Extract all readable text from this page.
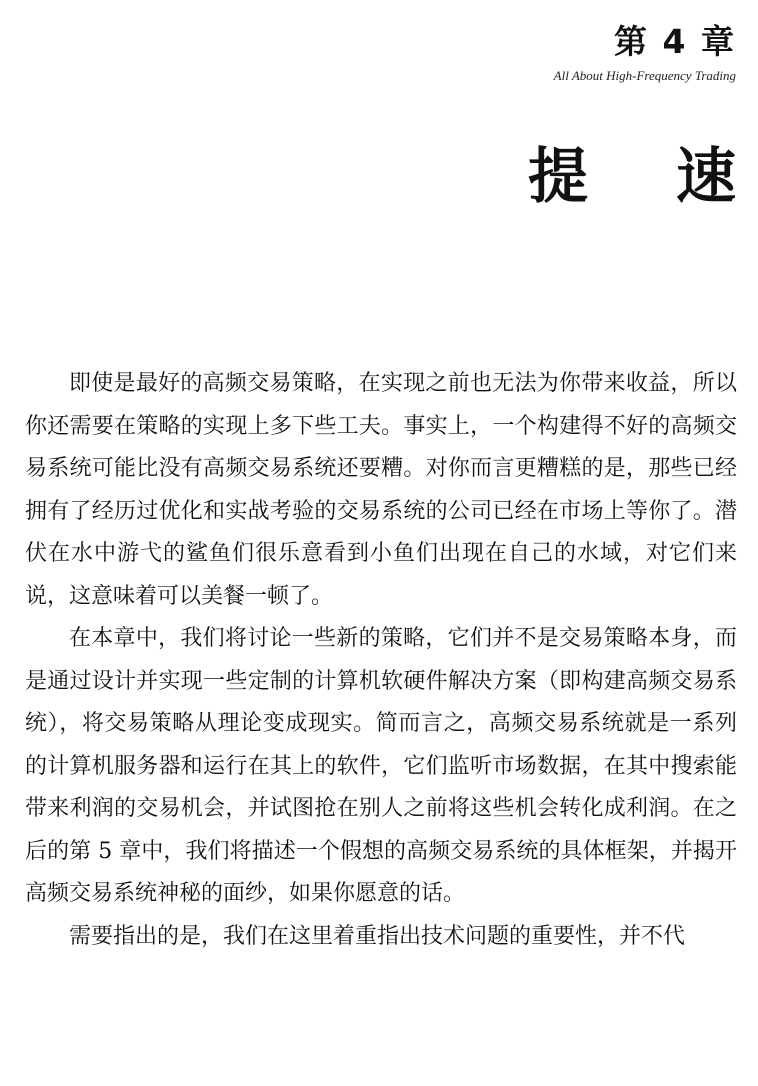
第 4 章
All About High-Frequency Trading
提 速

即使是最好的高频交易策略，在实现之前也无法为你带来收益，所以你还需要在策略的实现上多下些工夫。事实上，一个构建得不好的高频交易系统可能比没有高频交易系统还要糟。对你而言更糟糕的是，那些已经拥有了经历过优化和实战考验的交易系统的公司已经在市场上等你了。潜伏在水中游弋的鲨鱼们很乐意看到小鱼们出现在自己的水域，对它们来说，这意味着可以美餐一顿了。

在本章中，我们将讨论一些新的策略，它们并不是交易策略本身，而是通过设计并实现一些定制的计算机软硬件解决方案（即构建高频交易系统），将交易策略从理论变成现实。简而言之，高频交易系统就是一系列的计算机服务器和运行在其上的软件，它们监听市场数据，在其中搜索能带来利润的交易机会，并试图抢在别人之前将这些机会转化成利润。在之后的第 5 章中，我们将描述一个假想的高频交易系统的具体框架，并揭开高频交易系统神秘的面纱，如果你愿意的话。

需要指出的是，我们在这里着重指出技术问题的重要性，并不代
